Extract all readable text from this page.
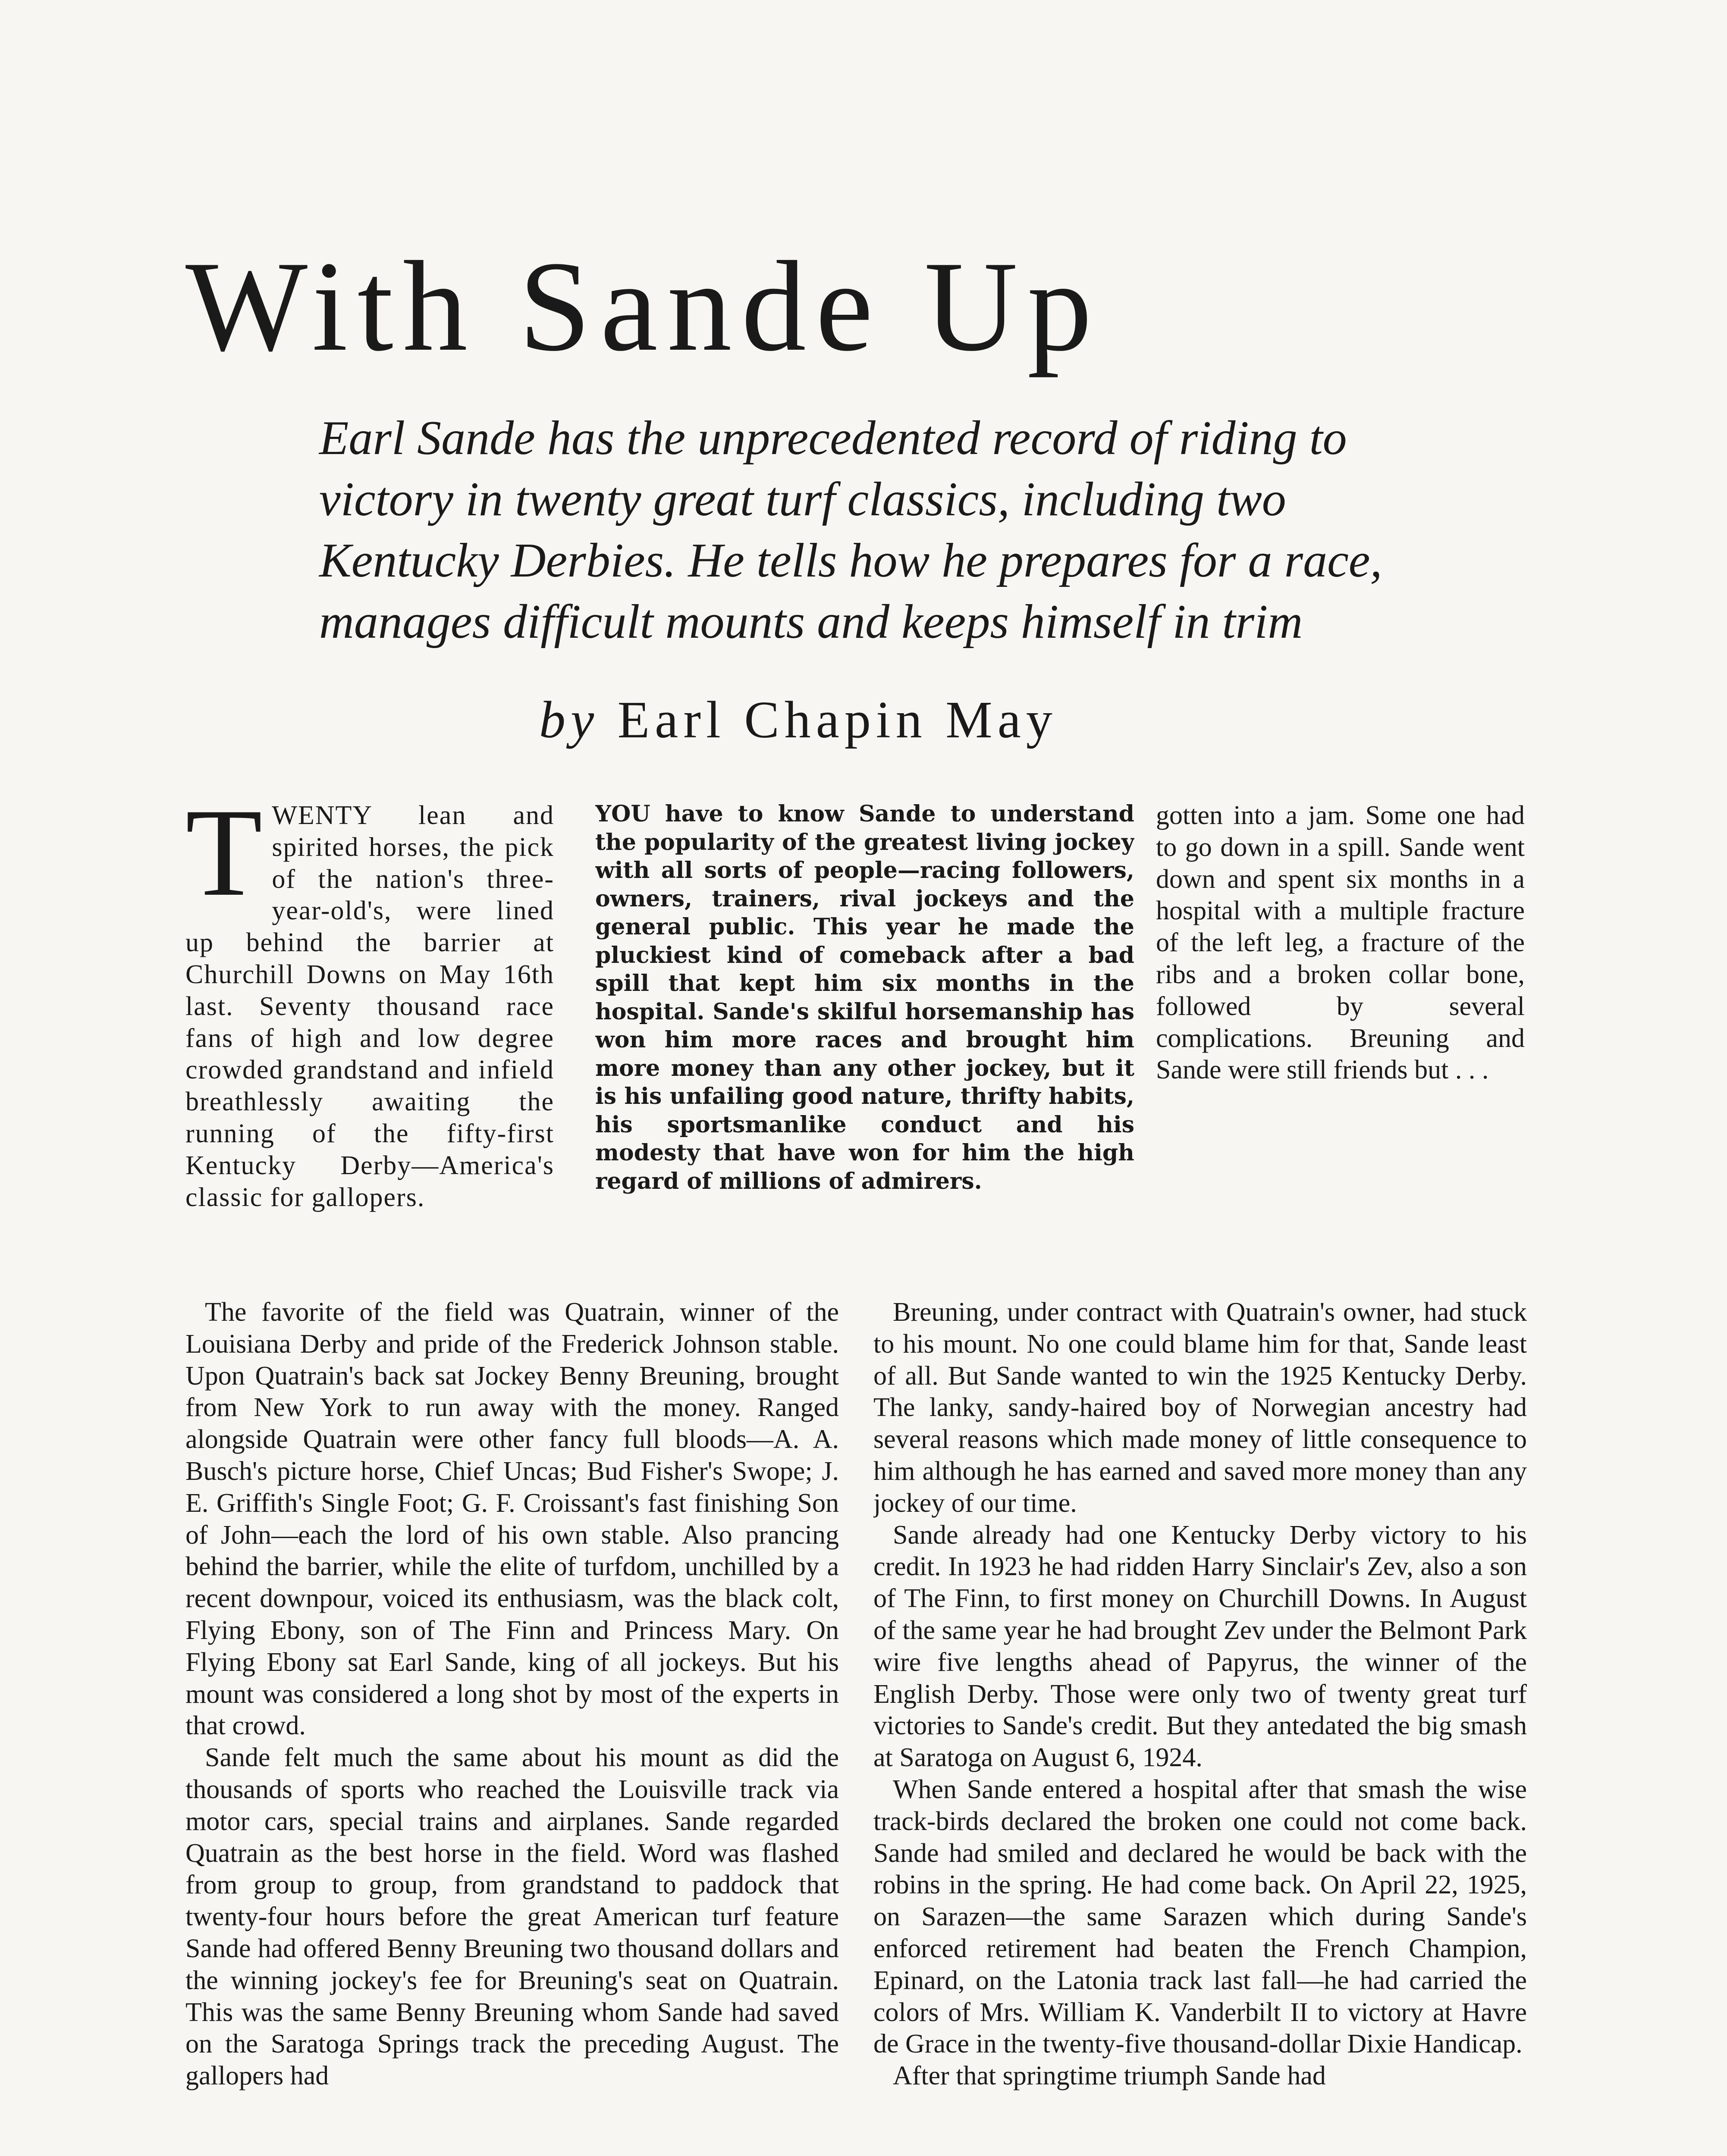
With Sande Up

Earl Sande has the unprecedented record of riding to victory in twenty great turf classics, including two Kentucky Derbies. He tells how he prepares for a race, manages difficult mounts and keeps himself in trim

by Earl Chapin May

TWENTY lean and spirited horses, the pick of the nation's three-year-old's, were lined up behind the barrier at Churchill Downs on May 16th last. Seventy thousand race fans of high and low degree crowded grandstand and infield breathlessly awaiting the running of the fifty-first Kentucky Derby—America's classic for gallopers.

YOU have to know Sande to understand the popularity of the greatest living jockey with all sorts of people—racing followers, owners, trainers, rival jockeys and the general public. This year he made the pluckiest kind of comeback after a bad spill that kept him six months in the hospital. Sande's skilful horsemanship has won him more races and brought him more money than any other jockey, but it is his unfailing good nature, thrifty habits, his sportsmanlike conduct and his modesty that have won for him the high regard of millions of admirers.

gotten into a jam. Some one had to go down in a spill. Sande went down and spent six months in a hospital with a multiple fracture of the left leg, a fracture of the ribs and a broken collar bone, followed by several complications. Breuning and Sande were still friends but . . .

The favorite of the field was Quatrain, winner of the Louisiana Derby and pride of the Frederick Johnson stable. Upon Quatrain's back sat Jockey Benny Breuning, brought from New York to run away with the money. Ranged alongside Quatrain were other fancy full bloods—A. A. Busch's picture horse, Chief Uncas; Bud Fisher's Swope; J. E. Griffith's Single Foot; G. F. Croissant's fast finishing Son of John—each the lord of his own stable. Also prancing behind the barrier, while the elite of turfdom, unchilled by a recent downpour, voiced its enthusiasm, was the black colt, Flying Ebony, son of The Finn and Princess Mary. On Flying Ebony sat Earl Sande, king of all jockeys. But his mount was considered a long shot by most of the experts in that crowd.

Sande felt much the same about his mount as did the thousands of sports who reached the Louisville track via motor cars, special trains and airplanes. Sande regarded Quatrain as the best horse in the field. Word was flashed from group to group, from grandstand to paddock that twenty-four hours before the great American turf feature Sande had offered Benny Breuning two thousand dollars and the winning jockey's fee for Breuning's seat on Quatrain. This was the same Benny Breuning whom Sande had saved on the Saratoga Springs track the preceding August. The gallopers had

Breuning, under contract with Quatrain's owner, had stuck to his mount. No one could blame him for that, Sande least of all. But Sande wanted to win the 1925 Kentucky Derby. The lanky, sandy-haired boy of Norwegian ancestry had several reasons which made money of little consequence to him although he has earned and saved more money than any jockey of our time.

Sande already had one Kentucky Derby victory to his credit. In 1923 he had ridden Harry Sinclair's Zev, also a son of The Finn, to first money on Churchill Downs. In August of the same year he had brought Zev under the Belmont Park wire five lengths ahead of Papyrus, the winner of the English Derby. Those were only two of twenty great turf victories to Sande's credit. But they antedated the big smash at Saratoga on August 6, 1924.

When Sande entered a hospital after that smash the wise track-birds declared the broken one could not come back. Sande had smiled and declared he would be back with the robins in the spring. He had come back. On April 22, 1925, on Sarazen—the same Sarazen which during Sande's enforced retirement had beaten the French Champion, Epinard, on the Latonia track last fall—he had carried the colors of Mrs. William K. Vanderbilt II to victory at Havre de Grace in the twenty-five thousand-dollar Dixie Handicap.

After that springtime triumph Sande had
